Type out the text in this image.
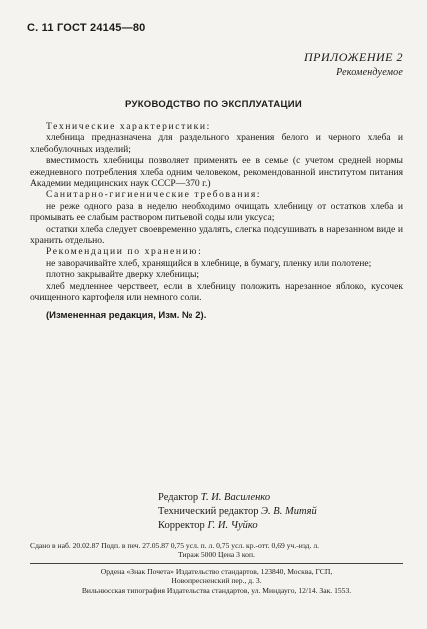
С. 11 ГОСТ 24145—80
ПРИЛОЖЕНИЕ 2
Рекомендуемое
РУКОВОДСТВО ПО ЭКСПЛУАТАЦИИ

Технические характеристики:

хлебница предназначена для раздельного хранения белого и черного хлеба и хлебобулочных изделий;

вместимость хлебницы позволяет применять ее в семье (с учетом средней нормы ежедневного потребления хлеба одним человеком, рекомендованной институтом питания Академии медицинских наук СССР—370 г.)

Санитарно-гигиенические требования:

не реже одного раза в неделю необходимо очищать хлебницу от остатков хлеба и промывать ее слабым раствором питьевой соды или уксуса;

остатки хлеба следует своевременно удалять, слегка подсушивать в нарезанном виде и хранить отдельно.

Рекомендации по хранению:

не заворачивайте хлеб, хранящийся в хлебнице, в бумагу, пленку или полотене;

плотно закрывайте дверку хлебницы;

хлеб медленнее черствеет, если в хлебницу положить нарезанное яблоко, кусочек очищенного картофеля или немного соли.

(Измененная редакция, Изм. № 2).

Редактор Т. И. Василенко
Технический редактор Э. В. Митяй
Корректор Г. И. Чуйко
Сдано в наб. 20.02.87 Подп. в печ. 27.05.87 0,75 усл. п. л. 0,75 усл. кр.-отт. 0,69 уч.-изд. л.
Тираж 5000 Цена 3 коп.
Ордена «Знак Почета» Издательство стандартов, 123840, Москва, ГСП,
Новопресненский пер., д. 3.
Вильнюсская типография Издательства стандартов, ул. Миндауго, 12/14. Зак. 1553.
